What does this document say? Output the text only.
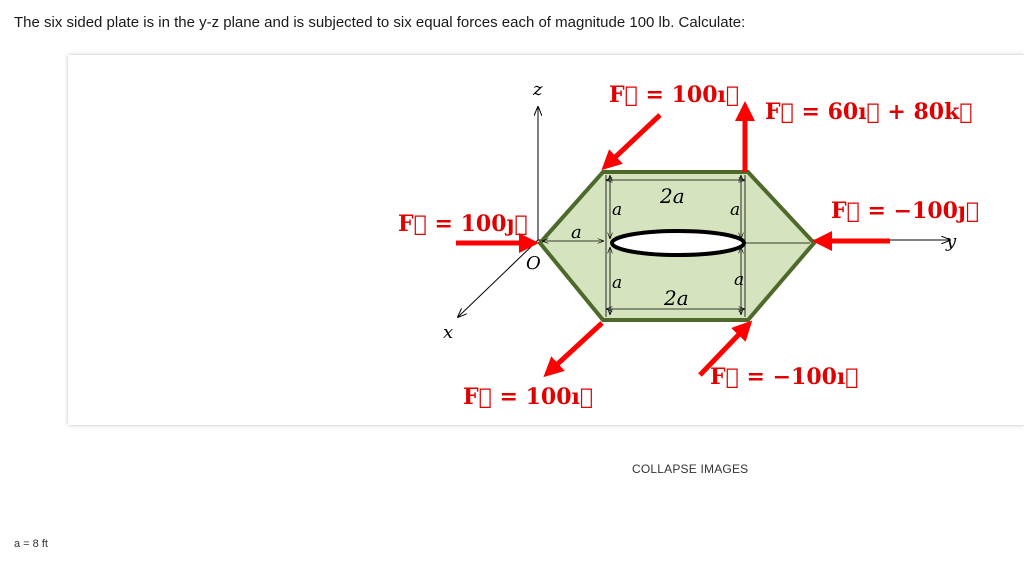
The six sided plate is in the y-z plane and is subjected to six equal forces each of magnitude 100 lb. Calculate:
z
y
x
O
2a
2a
a	a
a	a
a
F⃗ = 100ı⃗
F⃗ = 60ı⃗ + 80k⃗
F⃗ = 100ȷ⃗	F⃗ = −100ȷ⃗
F⃗ = 100ı⃗
F⃗ = −100ı⃗
COLLAPSE IMAGES
a = 8 ft
